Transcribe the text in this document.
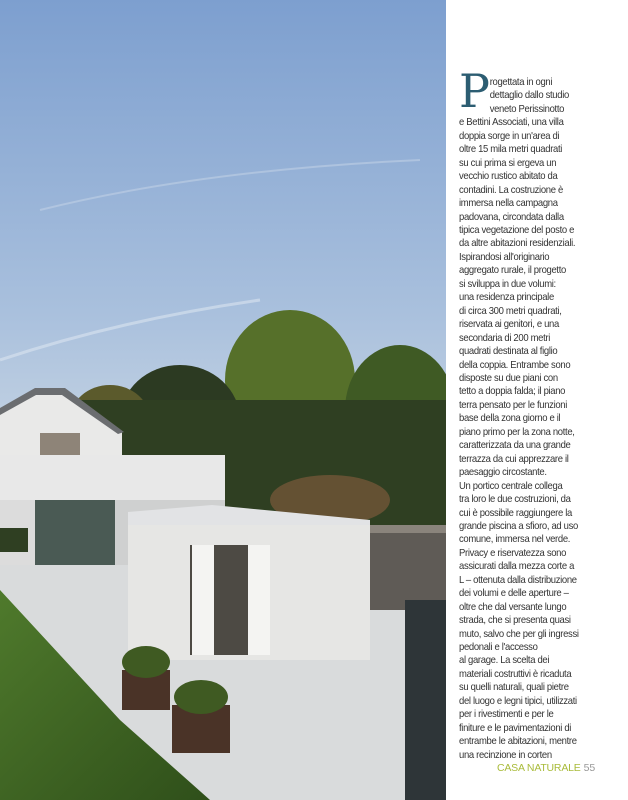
P rogettata in ogni
dettaglio dallo studio
veneto Perissinotto
e Bettini Associati, una villa
doppia sorge in un'area di
oltre 15 mila metri quadrati
su cui prima si ergeva un
vecchio rustico abitato da
contadini. La costruzione è
immersa nella campagna
padovana, circondata dalla
tipica vegetazione del posto e
da altre abitazioni residenziali.
Ispirandosi all'originario
aggregato rurale, il progetto
si sviluppa in due volumi:
una residenza principale
di circa 300 metri quadrati,
riservata ai genitori, e una
secondaria di 200 metri
quadrati destinata al figlio
della coppia. Entrambe sono
disposte su due piani con
tetto a doppia falda; il piano
terra pensato per le funzioni
base della zona giorno e il
piano primo per la zona notte,
caratterizzata da una grande
terrazza da cui apprezzare il
paesaggio circostante.
Un portico centrale collega
tra loro le due costruzioni, da
cui è possibile raggiungere la
grande piscina a sfioro, ad uso
comune, immersa nel verde.
Privacy e riservatezza sono
assicurati dalla mezza corte a
L – ottenuta dalla distribuzione
dei volumi e delle aperture –
oltre che dal versante lungo
strada, che si presenta quasi
muto, salvo che per gli ingressi
pedonali e l'accesso
al garage. La scelta dei
materiali costruttivi è ricaduta
su quelli naturali, quali pietre
del luogo e legni tipici, utilizzati
per i rivestimenti e per le
finiture e le pavimentazioni di
entrambe le abitazioni, mentre
una recinzione in corten
CASA NATURALE 55
